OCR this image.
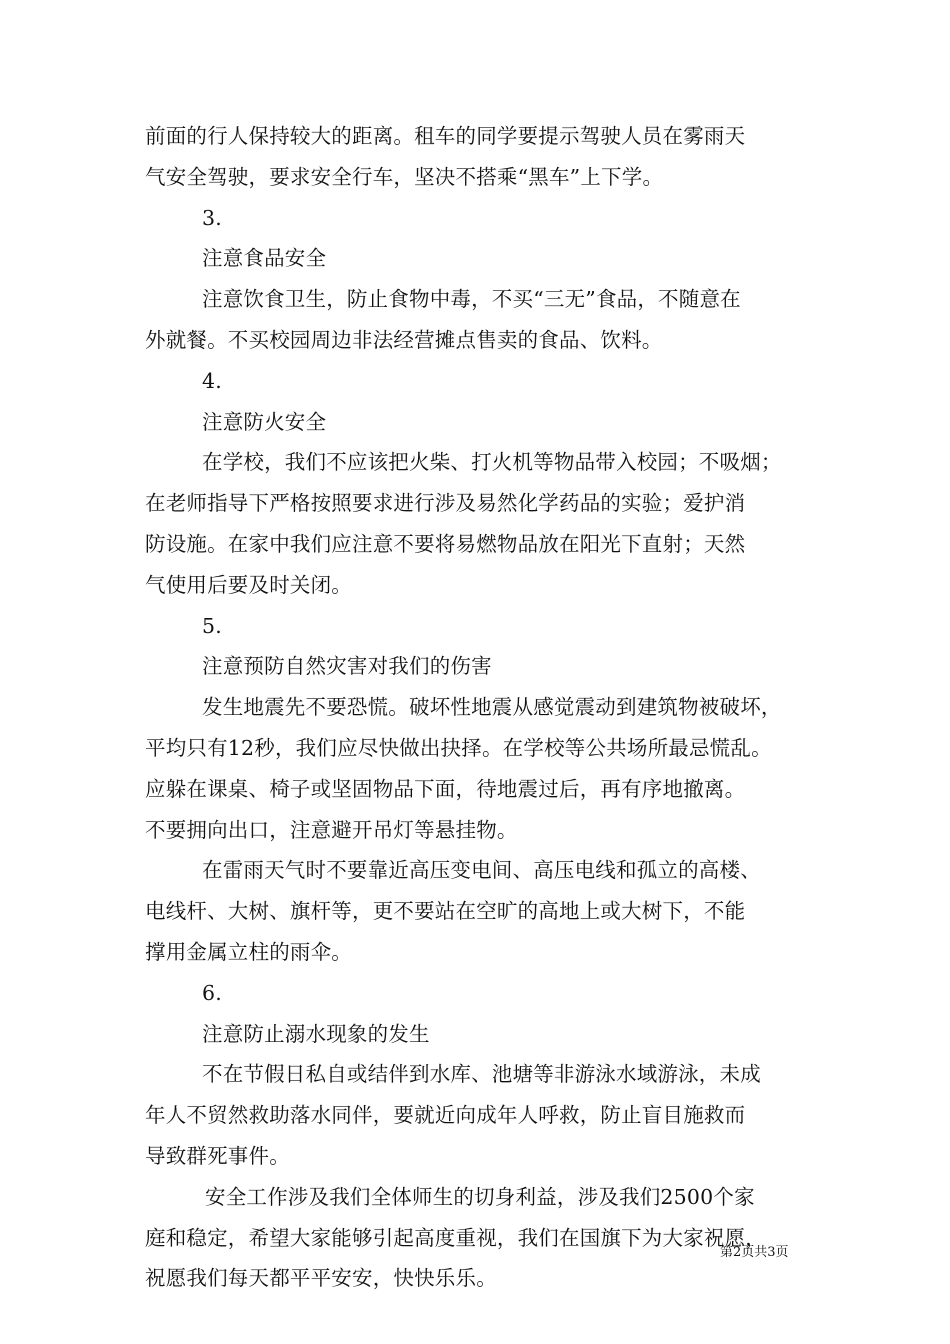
前面的行人保持较大的距离。租车的同学要提示驾驶人员在雾雨天
气安全驾驶，要求安全行车，坚决不搭乘“黑车”上下学。
3.
注意食品安全
注意饮食卫生，防止食物中毒，不买“三无”食品，不随意在
外就餐。不买校园周边非法经营摊点售卖的食品、饮料。
4.
注意防火安全
在学校，我们不应该把火柴、打火机等物品带入校园；不吸烟；
在老师指导下严格按照要求进行涉及易然化学药品的实验；爱护消
防设施。在家中我们应注意不要将易燃物品放在阳光下直射；天然
气使用后要及时关闭。
5.
注意预防自然灾害对我们的伤害
发生地震先不要恐慌。破坏性地震从感觉震动到建筑物被破坏，
平均只有12秒，我们应尽快做出抉择。在学校等公共场所最忌慌乱。
应躲在课桌、椅子或坚固物品下面，待地震过后，再有序地撤离。
不要拥向出口，注意避开吊灯等悬挂物。
在雷雨天气时不要靠近高压变电间、高压电线和孤立的高楼、
电线杆、大树、旗杆等，更不要站在空旷的高地上或大树下，不能
撑用金属立柱的雨伞。
6.
注意防止溺水现象的发生
不在节假日私自或结伴到水库、池塘等非游泳水域游泳，未成
年人不贸然救助落水同伴，要就近向成年人呼救，防止盲目施救而
导致群死事件。
安全工作涉及我们全体师生的切身利益，涉及我们2500个家
庭和稳定，希望大家能够引起高度重视，我们在国旗下为大家祝愿，
祝愿我们每天都平平安安，快快乐乐。
第2页共3页
